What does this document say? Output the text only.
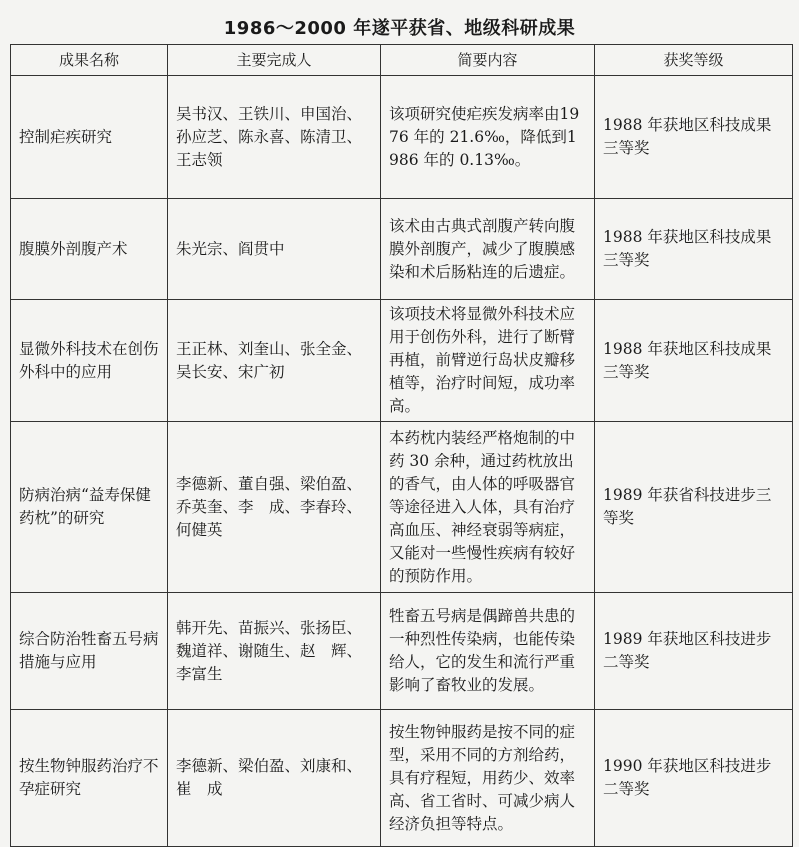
1986～2000 年遂平获省、地级科研成果
成果名称	主要完成人	简要内容	获奖等级
控制疟疾研究	吴书汉、王铁川、申国治、孙应芝、陈永喜、陈清卫、王志领	该项研究使疟疾发病率由1976 年的 21.6‰，降低到1986 年的 0.13‰。	1988 年获地区科技成果三等奖
腹膜外剖腹产术	朱光宗、阎贯中	该术由古典式剖腹产转向腹膜外剖腹产，减少了腹膜感染和术后肠粘连的后遗症。	1988 年获地区科技成果三等奖
显微外科技术在创伤外科中的应用	王正林、刘奎山、张全金、吴长安、宋广初	该项技术将显微外科技术应用于创伤外科，进行了断臂再植，前臂逆行岛状皮瓣移植等，治疗时间短，成功率高。	1988 年获地区科技成果三等奖
防病治病“益寿保健药枕”的研究	李德新、董自强、梁伯盈、乔英奎、李　成、李春玲、何健英	本药枕内装经严格炮制的中药 30 余种，通过药枕放出的香气，由人体的呼吸器官等途径进入人体，具有治疗高血压、神经衰弱等病症，又能对一些慢性疾病有较好的预防作用。	1989 年获省科技进步三等奖
综合防治牲畜五号病措施与应用	韩开先、苗振兴、张扬臣、魏道祥、谢随生、赵　辉、李富生	牲畜五号病是偶蹄兽共患的一种烈性传染病，也能传染给人，它的发生和流行严重影响了畜牧业的发展。	1989 年获地区科技进步二等奖
按生物钟服药治疗不孕症研究	李德新、梁伯盈、刘康和、崔　成	按生物钟服药是按不同的症型，采用不同的方剂给药，具有疗程短，用药少、效率高、省工省时、可减少病人经济负担等特点。	1990 年获地区科技进步二等奖
